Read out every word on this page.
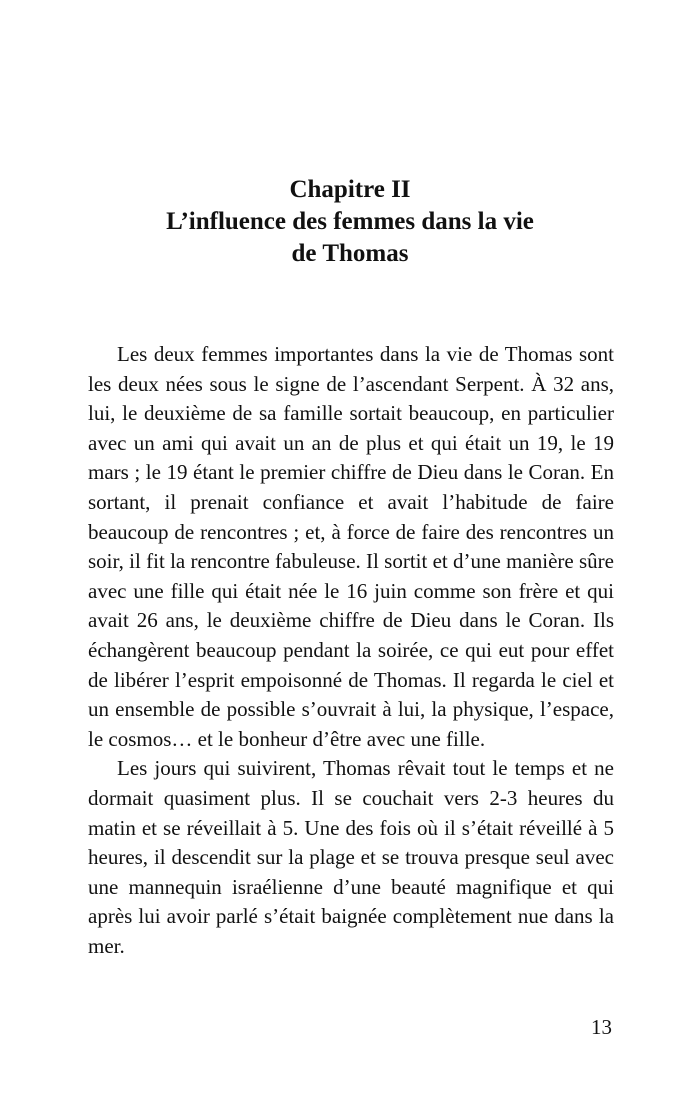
Chapitre II
L’influence des femmes dans la vie
de Thomas

Les deux femmes importantes dans la vie de Thomas sont les deux nées sous le signe de l’ascendant Serpent. À 32 ans, lui, le deuxième de sa famille sortait beaucoup, en particulier avec un ami qui avait un an de plus et qui était un 19, le 19 mars ; le 19 étant le premier chiffre de Dieu dans le Coran. En sortant, il prenait confiance et avait l’habitude de faire beaucoup de rencontres ; et, à force de faire des rencontres un soir, il fit la rencontre fabuleuse. Il sortit et d’une manière sûre avec une fille qui était née le 16 juin comme son frère et qui avait 26 ans, le deuxième chiffre de Dieu dans le Coran. Ils échangèrent beaucoup pendant la soirée, ce qui eut pour effet de libérer l’esprit empoisonné de Thomas. Il regarda le ciel et un ensemble de possible s’ouvrait à lui, la physique, l’espace, le cosmos… et le bonheur d’être avec une fille.

Les jours qui suivirent, Thomas rêvait tout le temps et ne dormait quasiment plus. Il se couchait vers 2-3 heures du matin et se réveillait à 5. Une des fois où il s’était réveillé à 5 heures, il descendit sur la plage et se trouva presque seul avec une mannequin israélienne d’une beauté magnifique et qui après lui avoir parlé s’était baignée complètement nue dans la mer.

13
